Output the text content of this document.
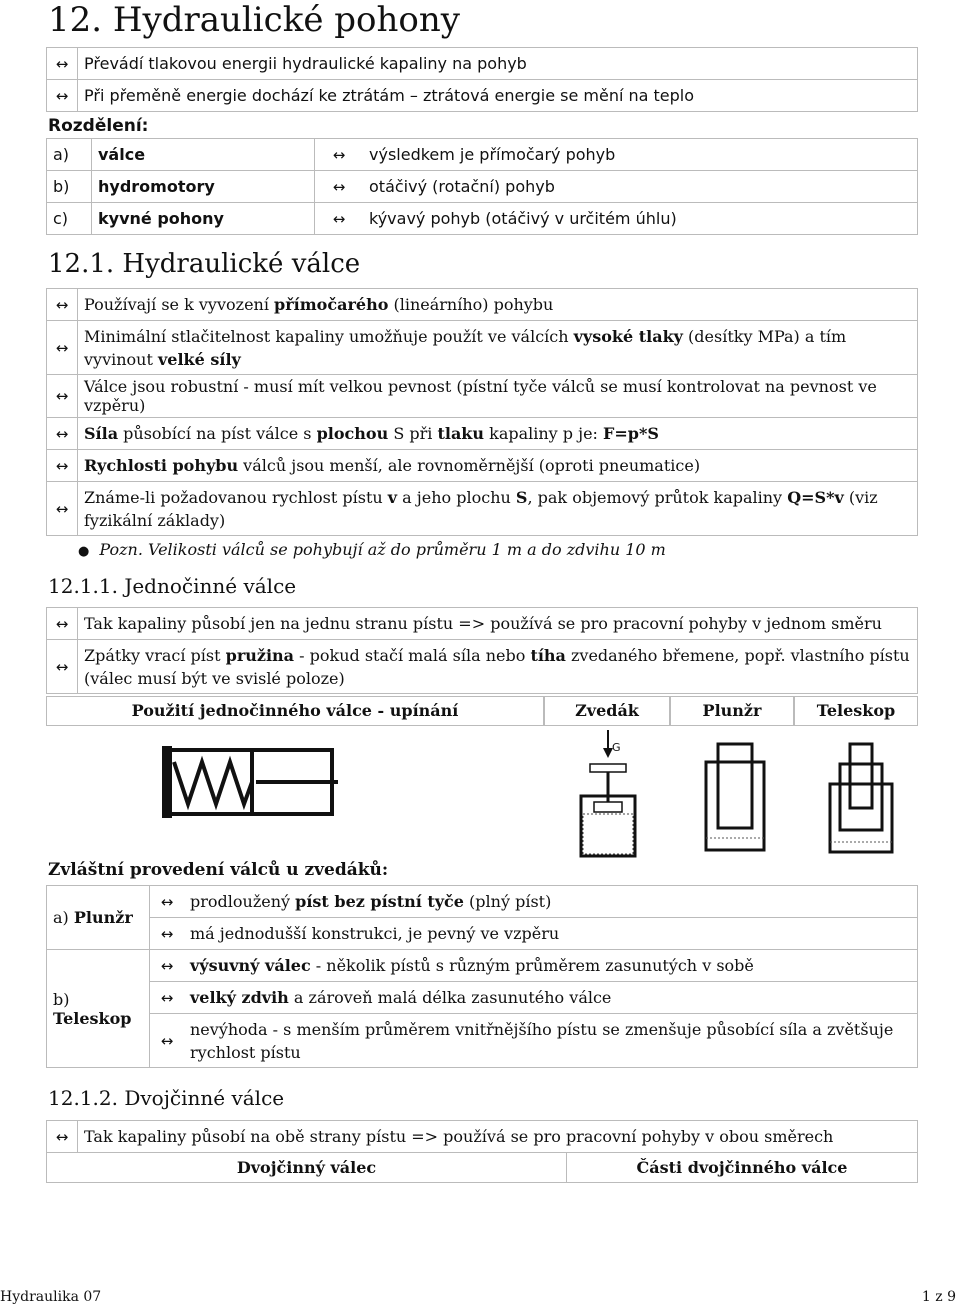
12. Hydraulické pohony
↔	Převádí tlakovou energii hydraulické kapaliny na pohyb
↔	Při přeměně energie dochází ke ztrátám – ztrátová energie se mění na teplo
Rozdělení:
a)	válce	↔	výsledkem je přímočarý pohyb
b)	hydromotory	↔	otáčivý (rotační) pohyb
c)	kyvné pohony	↔	kývavý pohyb (otáčivý v určitém úhlu)
12.1. Hydraulické válce
↔	Používají se k vyvození přímočarého (lineárního) pohybu
↔	Minimální stlačitelnost kapaliny umožňuje použít ve válcích vysoké tlaky (desítky MPa) a tím vyvinout velké síly
↔	Válce jsou robustní - musí mít velkou pevnost (pístní tyče válců se musí kontrolovat na pevnost ve vzpěru)
↔	Síla působící na píst válce s plochou S při tlaku kapaliny p je: F=p*S
↔	Rychlosti pohybu válců jsou menší, ale rovnoměrnější (oproti pneumatice)
↔	Známe-li požadovanou rychlost pístu v a jeho plochu S, pak objemový průtok kapaliny Q=S*v (viz fyzikální základy)
● Pozn. Velikosti válců se pohybují až do průměru 1 m a do zdvihu 10 m
12.1.1. Jednočinné válce
↔	Tak kapaliny působí jen na jednu stranu pístu => používá se pro pracovní pohyby v jednom směru
↔	Zpátky vrací píst pružina - pokud stačí malá síla nebo tíha zvedaného břemene, popř. vlastního pístu (válec musí být ve svislé poloze)
Použití jednočinného válce - upínání	Zvedák	Plunžr	Teleskop
G
Zvláštní provedení válců u zvedáků:
a) Plunžr	↔	prodloužený píst bez pístní tyče (plný píst)
	↔	má jednodušší konstrukci, je pevný ve vzpěru
b) Teleskop	↔	výsuvný válec - několik pístů s různým průměrem zasunutých v sobě
	↔	velký zdvih a zároveň malá délka zasunutého válce
	↔	nevýhoda - s menším průměrem vnitřnějšího pístu se zmenšuje působící síla a zvětšuje rychlost pístu
12.1.2. Dvojčinné válce
↔	Tak kapaliny působí na obě strany pístu => používá se pro pracovní pohyby v obou směrech	
Dvojčinný válec		Části dvojčinného válce
Hydraulika 07	1 z 9
